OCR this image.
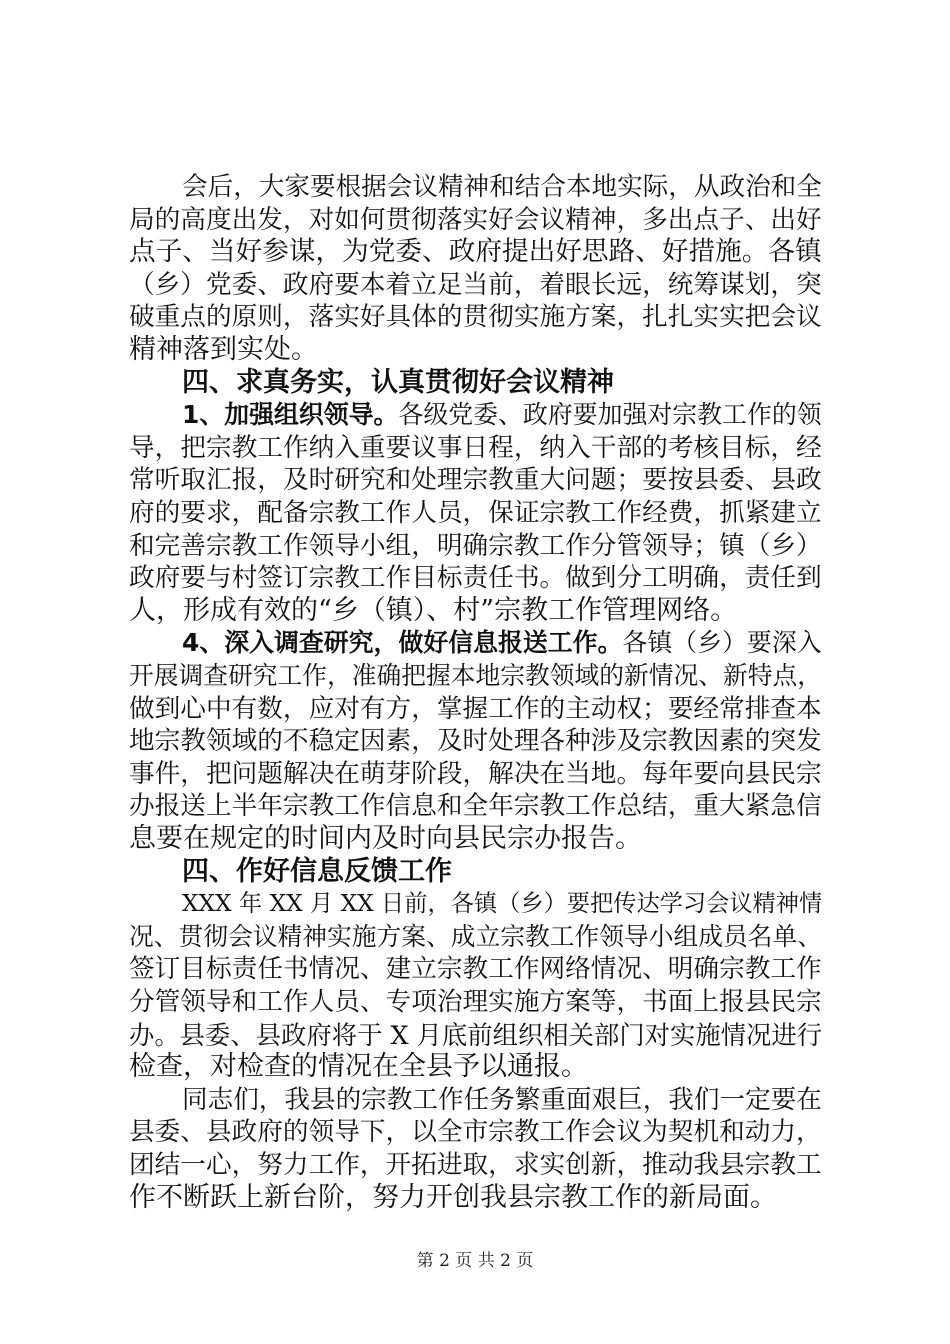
会后，大家要根据会议精神和结合本地实际，从政治和全
局的高度出发，对如何贯彻落实好会议精神，多出点子、出好
点子、当好参谋，为党委、政府提出好思路、好措施。各镇
（乡）党委、政府要本着立足当前，着眼长远，统筹谋划，突
破重点的原则，落实好具体的贯彻实施方案，扎扎实实把会议
精神落到实处。
四、求真务实，认真贯彻好会议精神
1、加强组织领导。各级党委、政府要加强对宗教工作的领
导，把宗教工作纳入重要议事日程，纳入干部的考核目标，经
常听取汇报，及时研究和处理宗教重大问题；要按县委、县政
府的要求，配备宗教工作人员，保证宗教工作经费，抓紧建立
和完善宗教工作领导小组，明确宗教工作分管领导；镇（乡）
政府要与村签订宗教工作目标责任书。做到分工明确，责任到
人，形成有效的“乡（镇）、村”宗教工作管理网络。
4、深入调查研究，做好信息报送工作。各镇（乡）要深入
开展调查研究工作，准确把握本地宗教领域的新情况、新特点，
做到心中有数，应对有方，掌握工作的主动权；要经常排查本
地宗教领域的不稳定因素，及时处理各种涉及宗教因素的突发
事件，把问题解决在萌芽阶段，解决在当地。每年要向县民宗
办报送上半年宗教工作信息和全年宗教工作总结，重大紧急信
息要在规定的时间内及时向县民宗办报告。
四、作好信息反馈工作
XXX 年 XX 月 XX 日前，各镇（乡）要把传达学习会议精神情
况、贯彻会议精神实施方案、成立宗教工作领导小组成员名单、
签订目标责任书情况、建立宗教工作网络情况、明确宗教工作
分管领导和工作人员、专项治理实施方案等，书面上报县民宗
办。县委、县政府将于 X 月底前组织相关部门对实施情况进行
检查，对检查的情况在全县予以通报。
同志们，我县的宗教工作任务繁重面艰巨，我们一定要在
县委、县政府的领导下，以全市宗教工作会议为契机和动力，
团结一心，努力工作，开拓进取，求实创新，推动我县宗教工
作不断跃上新台阶，努力开创我县宗教工作的新局面。
第 2 页 共 2 页
